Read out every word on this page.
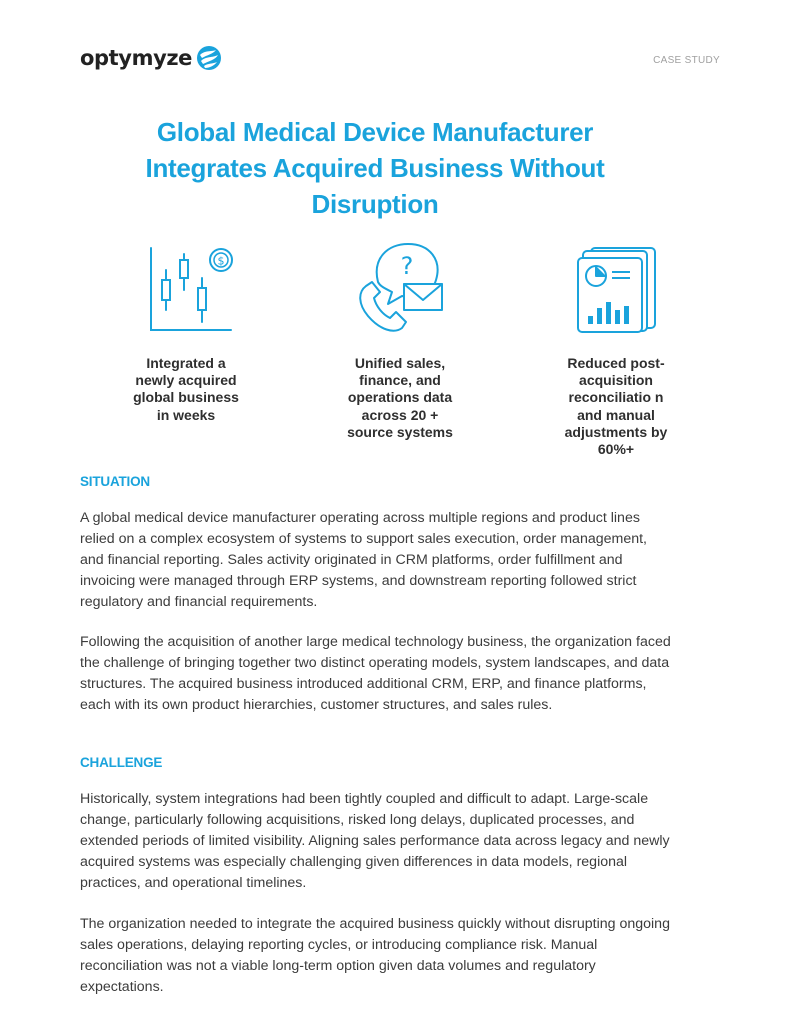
optymyze	CASE STUDY
Global Medical Device Manufacturer Integrates Acquired Business Without Disruption
$
Integrated a newly acquired global business in weeks
?
Unified sales, finance, and operations data across 20 + source systems
Reduced post-acquisition reconciliatio n and manual adjustments by 60%+
SITUATION

A global medical device manufacturer operating across multiple regions and product lines relied on a complex ecosystem of systems to support sales execution, order management, and financial reporting. Sales activity originated in CRM platforms, order fulfillment and invoicing were managed through ERP systems, and downstream reporting followed strict regulatory and financial requirements.

Following the acquisition of another large medical technology business, the organization faced the challenge of bringing together two distinct operating models, system landscapes, and data structures. The acquired business introduced additional CRM, ERP, and finance platforms, each with its own product hierarchies, customer structures, and sales rules.

CHALLENGE

Historically, system integrations had been tightly coupled and difficult to adapt. Large-scale change, particularly following acquisitions, risked long delays, duplicated processes, and extended periods of limited visibility. Aligning sales performance data across legacy and newly acquired systems was especially challenging given differences in data models, regional practices, and operational timelines.

The organization needed to integrate the acquired business quickly without disrupting ongoing sales operations, delaying reporting cycles, or introducing compliance risk. Manual reconciliation was not a viable long-term option given data volumes and regulatory expectations.
